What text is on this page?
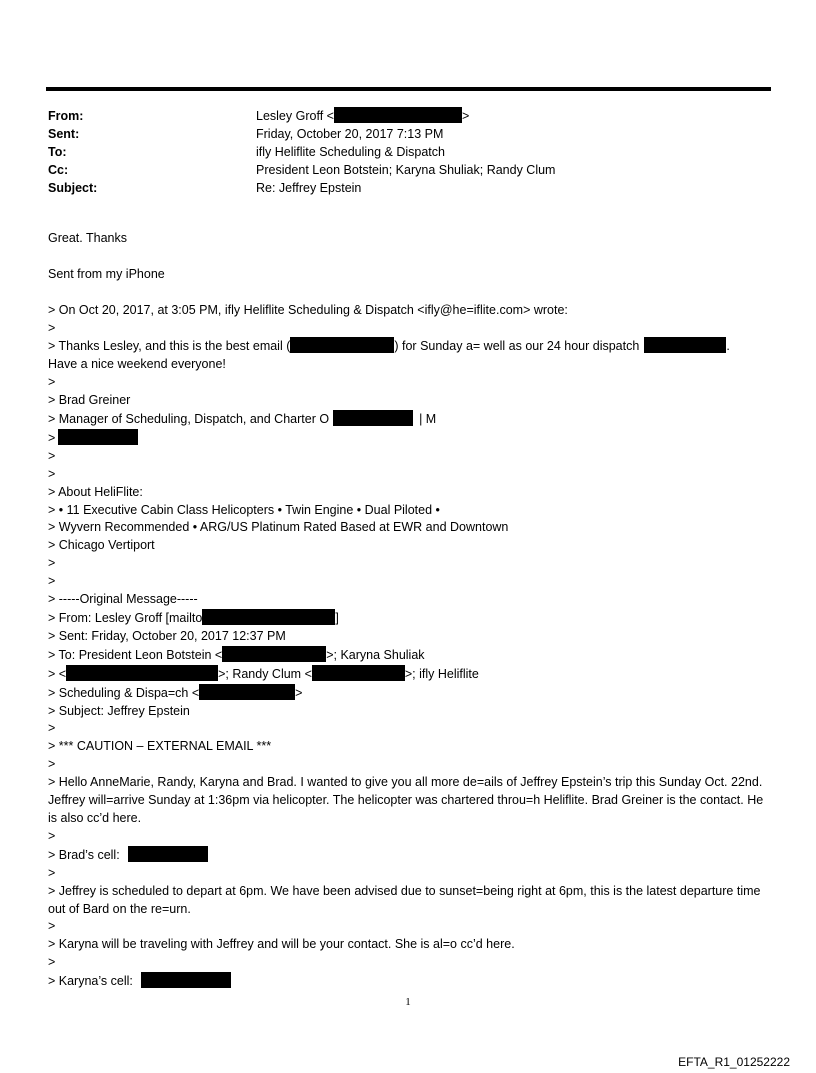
From:	Lesley Groff <	>
Sent:	Friday, October 20, 2017 7:13 PM
To:	ifly Heliflite Scheduling & Dispatch
Cc:	President Leon Botstein; Karyna Shuliak; Randy Clum
Subject:	Re: Jeffrey Epstein
Great. Thanks
Sent from my iPhone
> On Oct 20, 2017, at 3:05 PM, ifly Heliflite Scheduling & Dispatch <ifly@he=iflite.com> wrote:
>
> Thanks Lesley, and this is the best email (	) for Sunday a= well as our 24 hour dispatch	.
Have a nice weekend everyone!
>
> Brad Greiner
> Manager of Scheduling, Dispatch, and Charter O	| M
>
>
>
> About HeliFlite:
> • 11 Executive Cabin Class Helicopters • Twin Engine • Dual Piloted •
> Wyvern Recommended • ARG/US Platinum Rated Based at EWR and Downtown
> Chicago Vertiport
>
>
> -----Original Message-----
> From: Lesley Groff [mailto	]
> Sent: Friday, October 20, 2017 12:37 PM
> To: President Leon Botstein <	>; Karyna Shuliak
> <	>; Randy Clum <	>; ifly Heliflite
> Scheduling & Dispa=ch <	>
> Subject: Jeffrey Epstein
>
> *** CAUTION – EXTERNAL EMAIL ***
>
> Hello AnneMarie, Randy, Karyna and Brad. I wanted to give you all more de=ails of Jeffrey Epstein’s trip this Sunday Oct. 22nd. Jeffrey will=arrive Sunday at 1:36pm via helicopter. The helicopter was chartered throu=h Heliflite. Brad Greiner is the contact. He is also cc’d here.
>
> Brad’s cell:
>
> Jeffrey is scheduled to depart at 6pm. We have been advised due to sunset=being right at 6pm, this is the latest departure time out of Bard on the re=urn.
>
> Karyna will be traveling with Jeffrey and will be your contact. She is al=o cc’d here.
>
> Karyna’s cell:
1
EFTA_R1_01252222
